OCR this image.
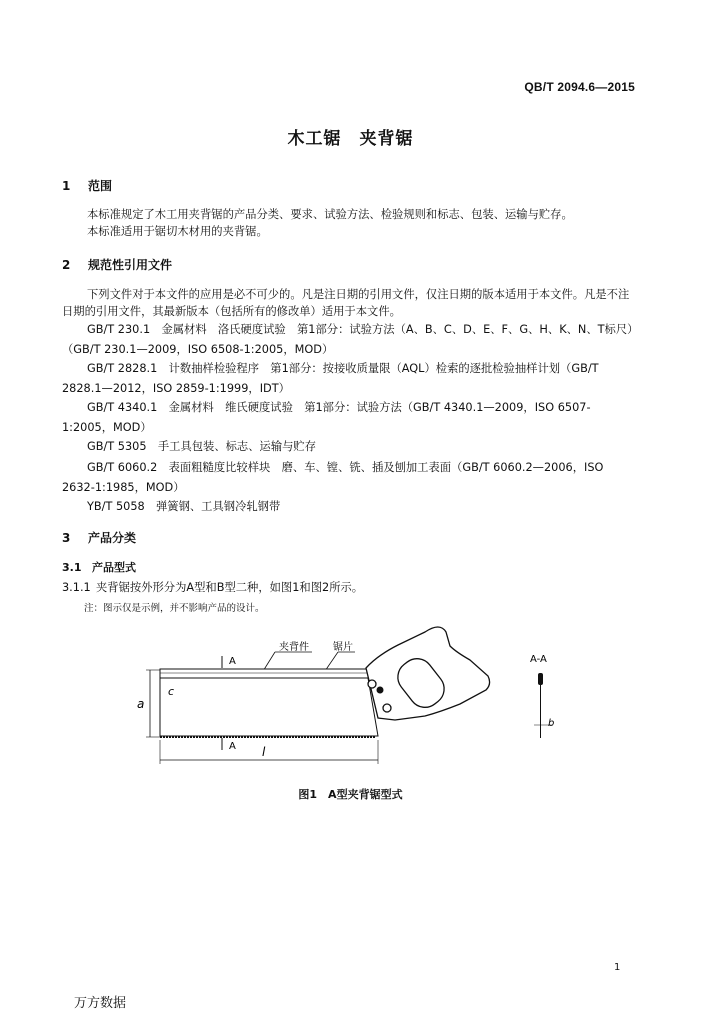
QB/T 2094.6—2015
木工锯　夹背锯
1 范围
本标准规定了木工用夹背锯的产品分类、要求、试验方法、检验规则和标志、包装、运输与贮存。
本标准适用于锯切木材用的夹背锯。
2 规范性引用文件
下列文件对于本文件的应用是必不可少的。凡是注日期的引用文件，仅注日期的版本适用于本文件。凡是不注日期的引用文件，其最新版本（包括所有的修改单）适用于本文件。
GB/T 230.1　金属材料　洛氏硬度试验　第1部分：试验方法（A、B、C、D、E、F、G、H、K、N、T标尺）（GB/T 230.1—2009，ISO 6508-1:2005，MOD）
GB/T 2828.1　计数抽样检验程序　第1部分：按接收质量限（AQL）检索的逐批检验抽样计划（GB/T 2828.1—2012，ISO 2859-1:1999，IDT）
GB/T 4340.1　金属材料　维氏硬度试验　第1部分：试验方法（GB/T 4340.1—2009，ISO 6507-1:2005，MOD）
GB/T 5305　手工具包装、标志、运输与贮存
GB/T 6060.2　表面粗糙度比较样块　磨、车、镗、铣、插及刨加工表面（GB/T 6060.2—2006，ISO 2632-1:1985，MOD）
YB/T 5058　弹簧钢、工具钢冷轧钢带
3 产品分类
3.1 产品型式
3.1.1 夹背锯按外形分为A型和B型二种，如图1和图2所示。
注：图示仅是示例，并不影响产品的设计。
夹背件 锯片
A
a
c
A l
A-A
b
图1　A型夹背锯型式
1
万方数据
